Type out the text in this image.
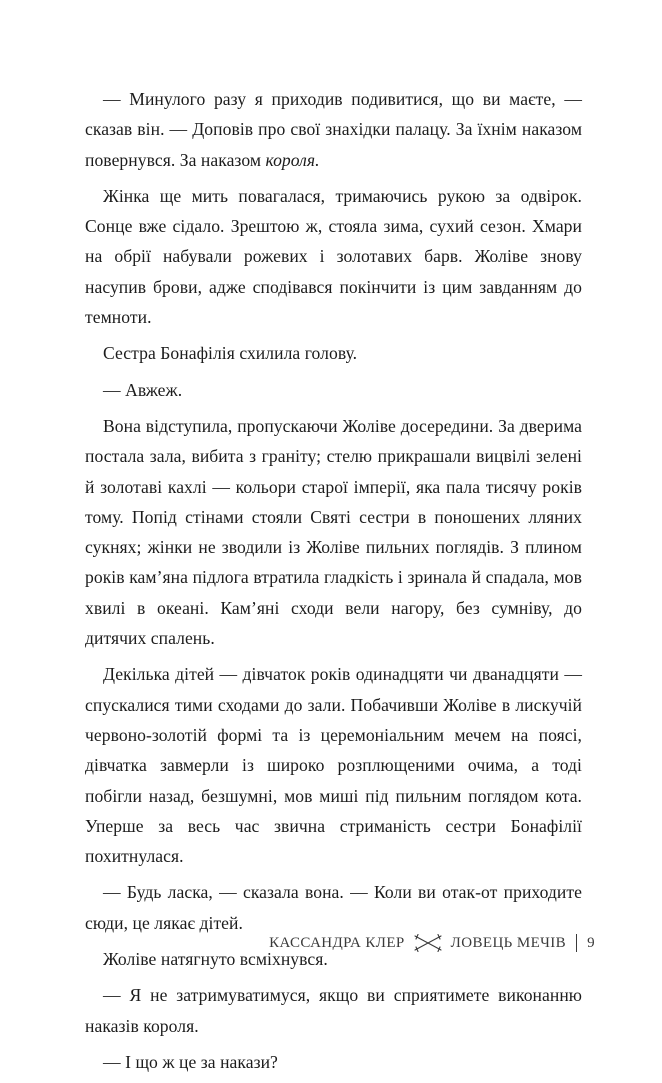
— Минулого разу я приходив подивитися, що ви маєте, — сказав він. — Доповів про свої знахідки палацу. За їхнім наказом повернувся. За наказом короля.

Жінка ще мить повагалася, тримаючись рукою за одвірок. Сонце вже сідало. Зрештою ж, стояла зима, сухий сезон. Хмари на обрії набували рожевих і золотавих барв. Жоліве знову насупив брови, адже сподівався покінчити із цим завданням до темноти.

Сестра Бонафілія схилила голову.

— Авжеж.

Вона відступила, пропускаючи Жоліве досередини. За дверима постала зала, вибита з граніту; стелю прикрашали вицвілі зелені й золотаві кахлі — кольори старої імперії, яка пала тисячу років тому. Попід стінами стояли Святі сестри в поношених лляних сукнях; жінки не зводили із Жоліве пильних поглядів. З плином років кам’яна підлога втратила гладкість і зринала й спадала, мов хвилі в океані. Кам’яні сходи вели нагору, без сумніву, до дитячих спалень.

Декілька дітей — дівчаток років одинадцяти чи дванадцяти — спускалися тими сходами до зали. Побачивши Жоліве в лискучій червоно-золотій формі та із церемоніальним мечем на поясі, дівчатка завмерли із широко розплющеними очима, а тоді побігли назад, безшумні, мов миші під пильним поглядом кота. Уперше за весь час звична стриманість сестри Бонафілії похитнулася.

— Будь ласка, — сказала вона. — Коли ви отак-от приходите сюди, це лякає дітей.

Жоліве натягнуто всміхнувся.

— Я не затримуватимуся, якщо ви сприятимете виконанню наказів короля.

— І що ж це за накази?

КАССАНДРА КЛЕР	ЛОВЕЦЬ МЕЧІВ 9
